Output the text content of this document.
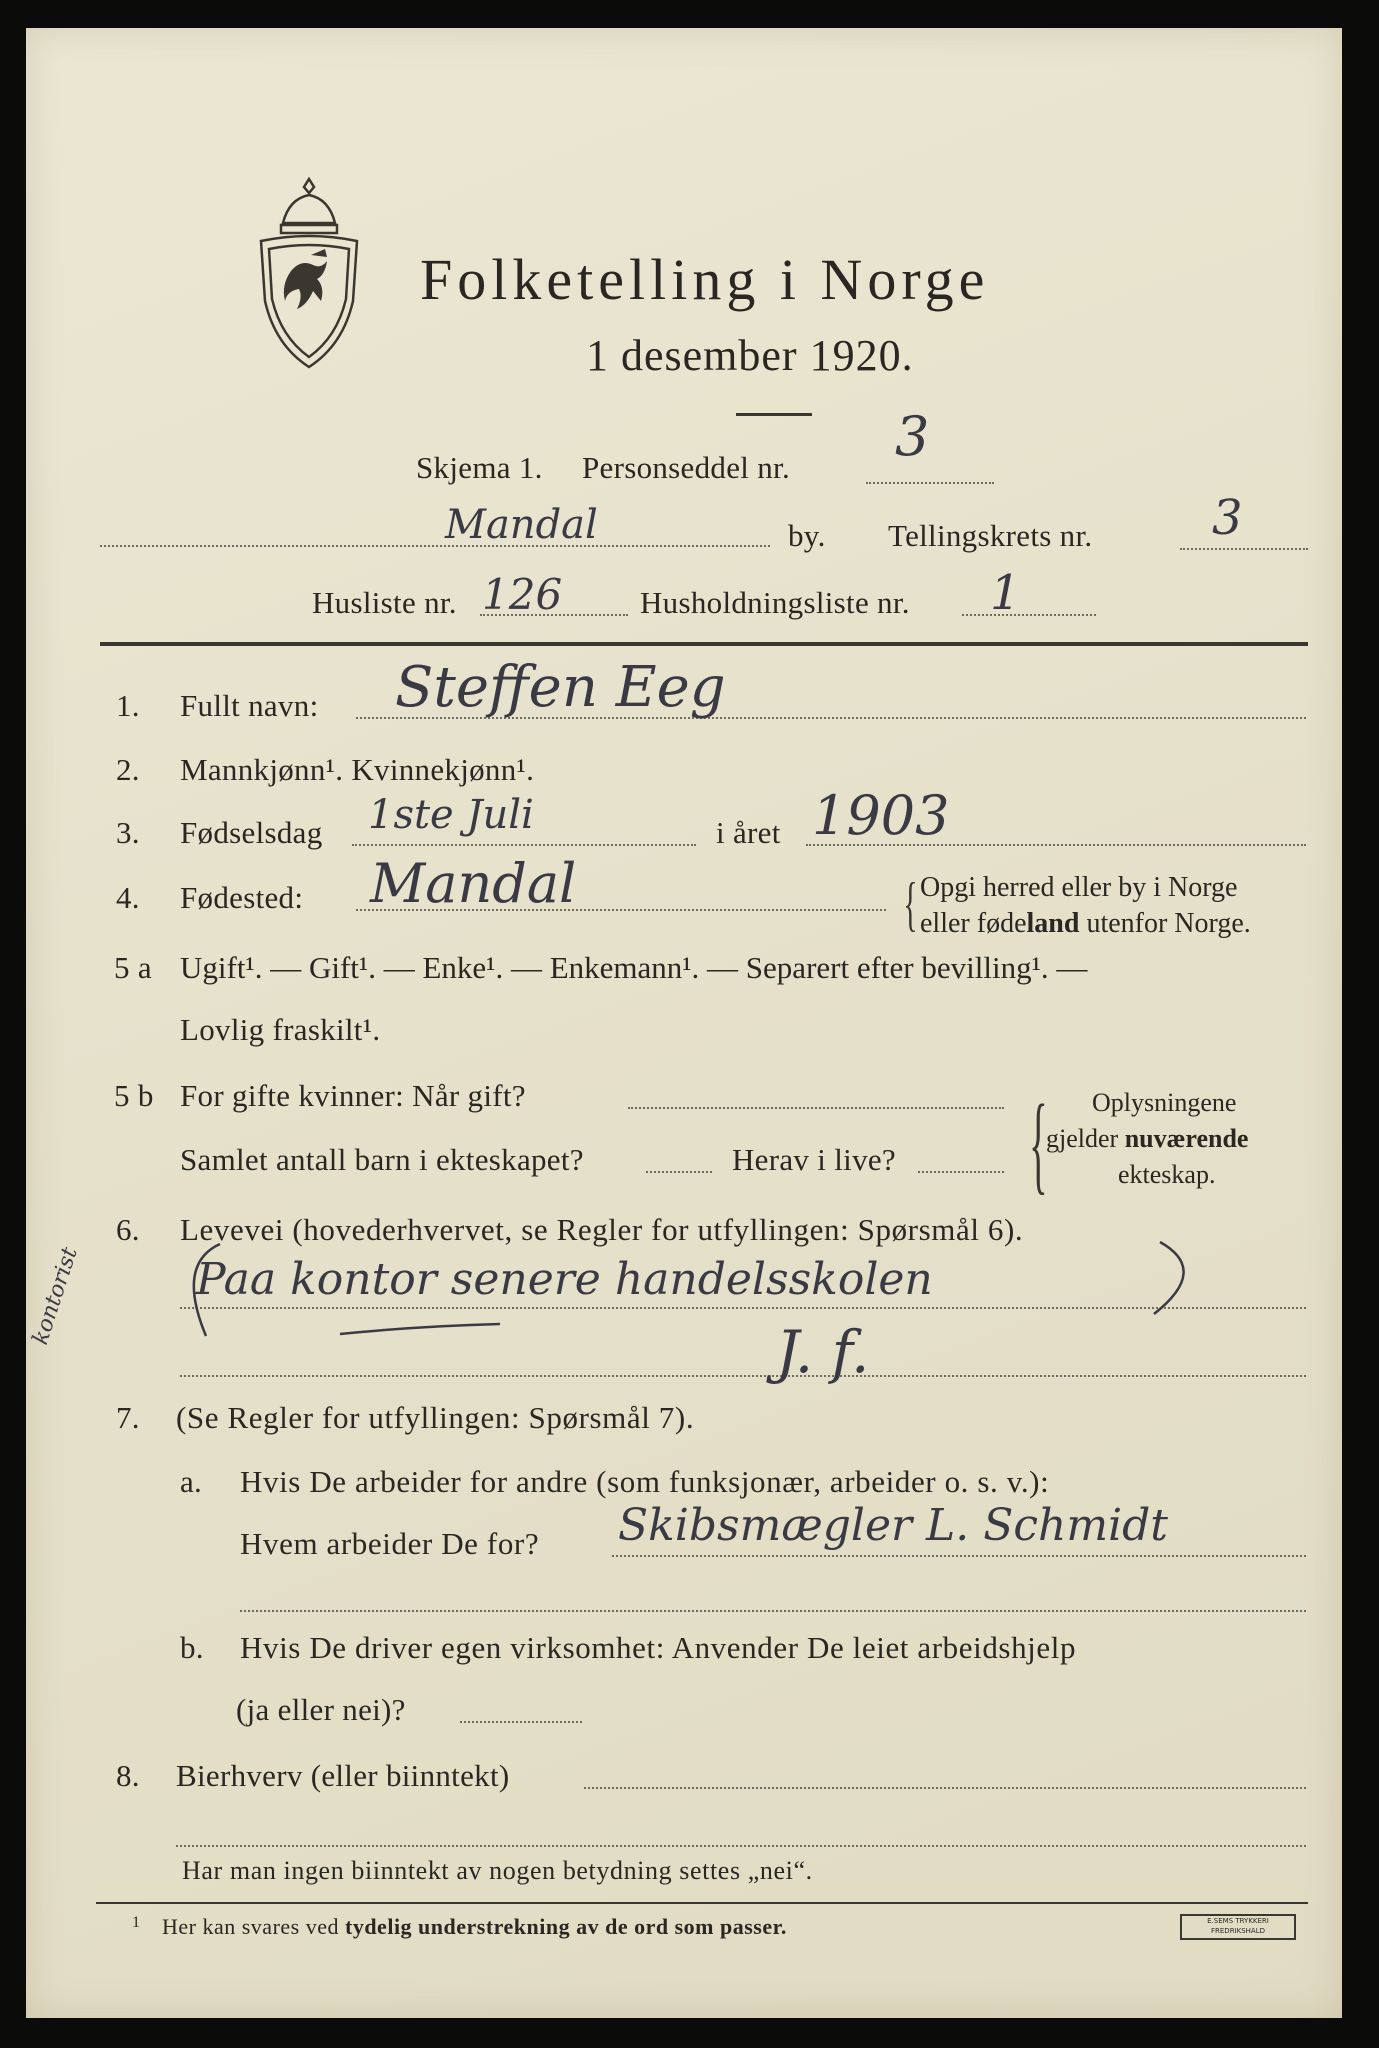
Folketelling i Norge
1 desember 1920.
Skjema 1. Personseddel nr. 3
Mandal	by. Tellingskrets nr. 3
Husliste nr. 126	Husholdningsliste nr. 1
1. Fullt navn: Steffen Eeg
2. Mannkjønn¹. Kvinnekjønn¹.
3. Fødselsdag 1ste Juli	i året 1903
4. Fødested: Mandal	{ Opgi herred eller by i Norge
eller fødeland utenfor Norge.
5 a Ugift¹. — Gift¹. — Enke¹. — Enkemann¹. — Separert efter bevilling¹. —
Lovlig fraskilt¹.
5 b For gifte kvinner: Når gift?
Samlet antall barn i ekteskapet?	Herav i live? { Oplysningene
gjelder nuværende
ekteskap.
6. Levevei (hovederhvervet, se Regler for utfyllingen: Spørsmål 6).
Paa kontor senere handelsskolen
kontorist
J. f.
7. (Se Regler for utfyllingen: Spørsmål 7).
a. Hvis De arbeider for andre (som funksjonær, arbeider o. s. v.):
Hvem arbeider De for? Skibsmægler L. Schmidt
b. Hvis De driver egen virksomhet: Anvender De leiet arbeidshjelp
(ja eller nei)?
8. Bierhverv (eller biinntekt)
Har man ingen biinntekt av nogen betydning settes „nei“.
1 Her kan svares ved tydelig understrekning av de ord som passer.	E.SEMS TRYKKERI
FREDRIKSHALD
